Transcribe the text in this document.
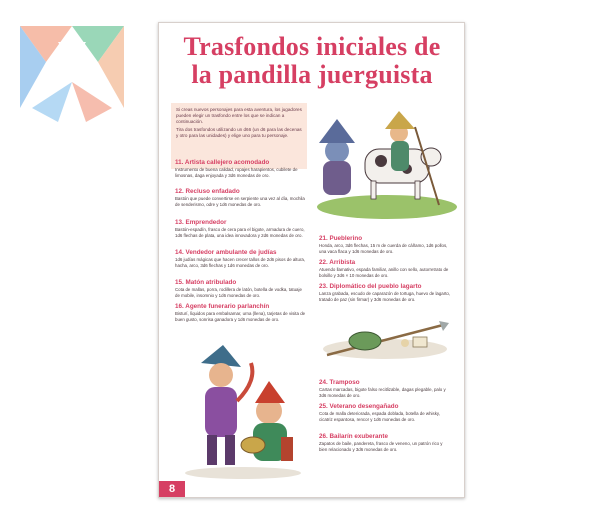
Trasfondos iniciales de la pandilla juerguista

Si creas nuevos personajes para esta aventura, los jugadores pueden elegir un trasfondo entre los que se indican a continuación.

Tira dos trasfondos utilizando un d66 (un d6 para las decenas y otro para las unidades) y elige uno para tu personaje.

11. Artista callejero acomodado

Instrumento de buena calidad, ropajes harapientos, cubilete de limosnas, daga enjoyada y 3d6 monedas de oro.

12. Recluso enfadado

Bastón que puede convertirse en serpiente una vez al día, mochila de senderismo, odre y 1d6 monedas de oro.

13. Emprendedor

Bastón-espadín, frasco de cera para el bigote, armadura de cuero, 1d6 flechas de plata, una idea innovadora y 2d6 monedas de oro.

14. Vendedor ambulante de judías

1d6 judías mágicas que hacen crecer tallos de 2d6 pisos de altura, hacha, arco, 3d6 flechas y 1d6 monedas de oro.

15. Matón atribulado

Cota de mallas, porra, rodillera de latón, botella de vodka, tatuaje de mobile, insomnio y 1d6 monedas de oro.

16. Agente funerario parlanchín

Bisturí, líquidos para embalsamar, urna (llena), tarjetas de visita de buen gusto, sonrisa ganadora y 1d6 monedas de oro.

21. Pueblerino

Honda, arco, 3d6 flechas, 15 m de cuerda de cáñamo, 1d6 pollos, una vaca flaca y 1d6 monedas de oro.

22. Arribista

Atuendo llamativo, espada familiar, anillo con sello, autorretrato de bolsillo y 3d6 × 10 monedas de oro.

23. Diplomático del pueblo lagarto

Lanza grabada, escudo de caparazón de tortuga, huevo de lagarto, tratado de paz (sin firmar) y 3d6 monedas de oro.

24. Tramposo

Cartas marcadas, bigote falso recitlizable, dagas plegable, palo y 3d6 monedas de oro.

25. Veterano desengañado

Cota de malla deteriorada, espada doblada, botella de whisky, cicatriz espantosa, rencor y 1d6 monedas de oro.

26. Bailarín exuberante

Zapatos de baile, pandereta, frasco de veneno, un patrón rico y bien relacionado y 3d6 monedas de oro.

8
